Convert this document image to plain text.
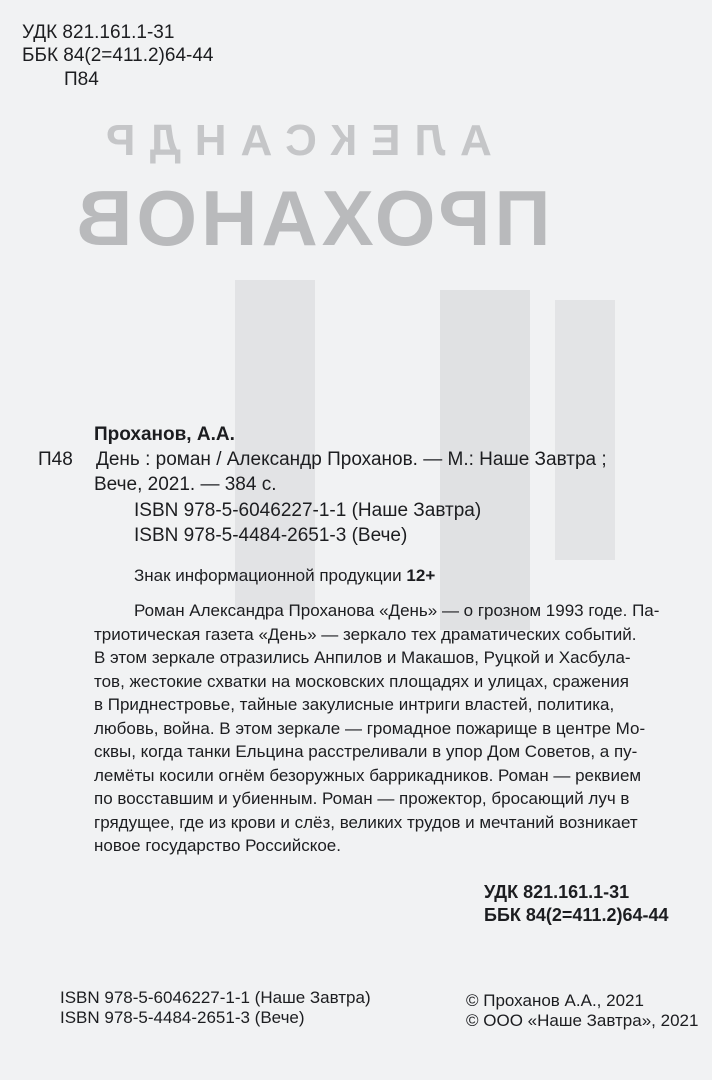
АЛЕКСАНДР
ПРОХАНОВ
УДК 821.161.1-31
ББК 84(2=411.2)64-44
П84
Проханов, А.А.
П48 День : роман / Александр Проханов. — М.: Наше Завтра ;
Вече, 2021. — 384 с.
ISBN 978-5-6046227-1-1 (Наше Завтра)
ISBN 978-5-4484-2651-3 (Вече)
Знак информационной продукции 12+
Роман Александра Проханова «День» — о грозном 1993 годе. Па-
триотическая газета «День» — зеркало тех драматических событий.
В этом зеркале отразились Анпилов и Макашов, Руцкой и Хасбула-
тов, жестокие схватки на московских площадях и улицах, сражения
в Приднестровье, тайные закулисные интриги властей, политика,
любовь, война. В этом зеркале — громадное пожарище в центре Мо-
сквы, когда танки Ельцина расстреливали в упор Дом Советов, а пу-
лемёты косили огнём безоружных баррикадников. Роман — реквием
по восставшим и убиенным. Роман — прожектор, бросающий луч в
грядущее, где из крови и слёз, великих трудов и мечтаний возникает
новое государство Российское.
УДК 821.161.1-31
ББК 84(2=411.2)64-44
ISBN 978-5-6046227-1-1 (Наше Завтра)
ISBN 978-5-4484-2651-3 (Вече)
© Проханов А.А., 2021
© ООО «Наше Завтра», 2021
